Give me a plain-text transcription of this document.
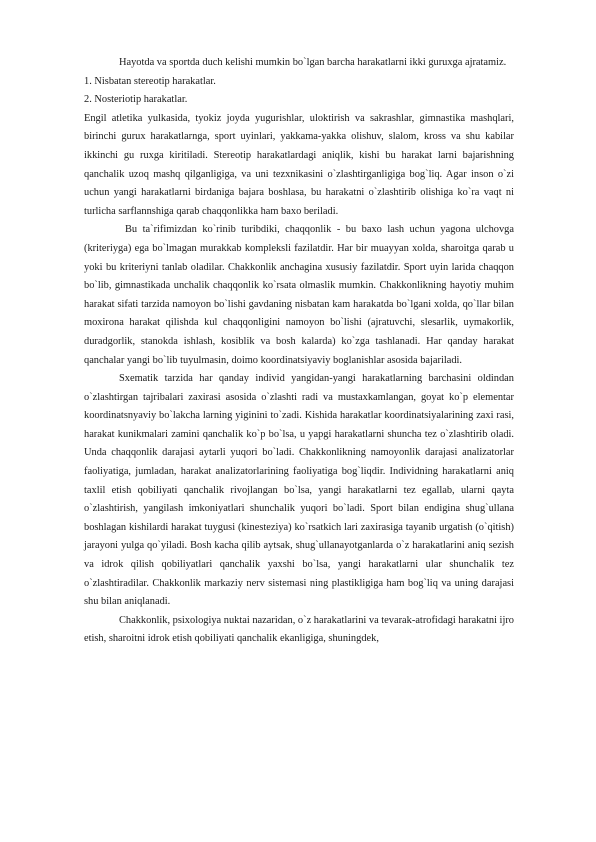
Hayotda va sportda duch kelishi mumkin bo`lgan barcha harakatlarni ikki guruxga ajratamiz.

1. Nisbatan stereotip harakatlar.

2. Nosteriotip harakatlar.

Engil atletika yulkasida, tyokiz joyda yugurishlar, uloktirish va sakrashlar, gimnastika mashqlari, birinchi gurux harakatlarnga, sport uyinlari, yakkama-yakka olishuv, slalom, kross va shu kabilar ikkinchi gu ruxga kiritiladi. Stereotip harakatlardagi aniqlik, kishi bu harakat larni bajarishning qanchalik uzoq mashq qilganligiga, va uni tezxnikasini o`zlashtirganligiga bog`liq. Agar inson o`zi uchun yangi harakatlarni birdaniga bajara boshlasa, bu harakatni o`zlashtirib olishiga ko`ra vaqt ni turlicha sarflannshiga qarab chaqqonlikka ham baxo beriladi.

Bu ta`rifimizdan ko`rinib turibdiki, chaqqonlik - bu baxo lash uchun yagona ulchovga (kriteriyga) ega bo`lmagan murakkab kompleksli fazilatdir. Har bir muayyan xolda, sharoitga qarab u yoki bu kriteriyni tanlab oladilar. Chakkonlik anchagina xususiy fazilatdir. Sport uyin larida chaqqon bo`lib, gimnastikada unchalik chaqqonlik ko`rsata olmaslik mumkin. Chakkonlikning hayotiy muhim harakat sifati tarzida namoyon bo`lishi gavdaning nisbatan kam harakatda bo`lgani xolda, qo`llar bilan moxirona harakat qilishda kul chaqqonligini namoyon bo`lishi (ajratuvchi, slesarlik, uymakorlik, duradgorlik, stanokda ishlash, kosiblik va bosh kalarda) ko`zga tashlanadi. Har qanday harakat qanchalar yangi bo`lib tuyulmasin, doimo koordinatsiyaviy boglanishlar asosida bajariladi.

Sxematik tarzida har qanday individ yangidan-yangi harakatlarning barchasini oldindan o`zlashtirgan tajribalari zaxirasi asosida o`zlashti radi va mustaxkamlangan, goyat ko`p elementar koordinatsnyaviy bo`lakcha larning yiginini to`zadi. Kishida harakatlar koordinatsiyalarining zaxi rasi, harakat kunikmalari zamini qanchalik ko`p bo`lsa, u yapgi harakatlarni shuncha tez o`zlashtirib oladi. Unda chaqqonlik darajasi aytarli yuqori bo`ladi. Chakkonlikning namoyonlik darajasi analizatorlar faoliyatiga, jumladan, harakat analizatorlarining faoliyatiga bog`liqdir. Individning harakatlarni aniq taxlil etish qobiliyati qanchalik rivojlangan bo`lsa, yangi harakatlarni tez egallab, ularni qayta o`zlashtirish, yangilash imkoniyatlari shunchalik yuqori bo`ladi. Sport bilan endigina shug`ullana boshlagan kishilardi harakat tuygusi (kinesteziya) ko`rsatkich lari zaxirasiga tayanib urgatish (o`qitish) jarayoni yulga qo`yiladi. Bosh kacha qilib aytsak, shug`ullanayotganlarda o`z harakatlarini aniq sezish va idrok qilish qobiliyatlari qanchalik yaxshi bo`lsa, yangi harakatlarni ular shunchalik tez o`zlashtiradilar. Chakkonlik markaziy nerv sistemasi ning plastikligiga ham bog`liq va uning darajasi shu bilan aniqlanadi.

Chakkonlik, psixologiya nuktai nazaridan, o`z harakatlarini va tevarak-atrofidagi harakatni ijro etish, sharoitni idrok etish qobiliyati qanchalik ekanligiga, shuningdek,
